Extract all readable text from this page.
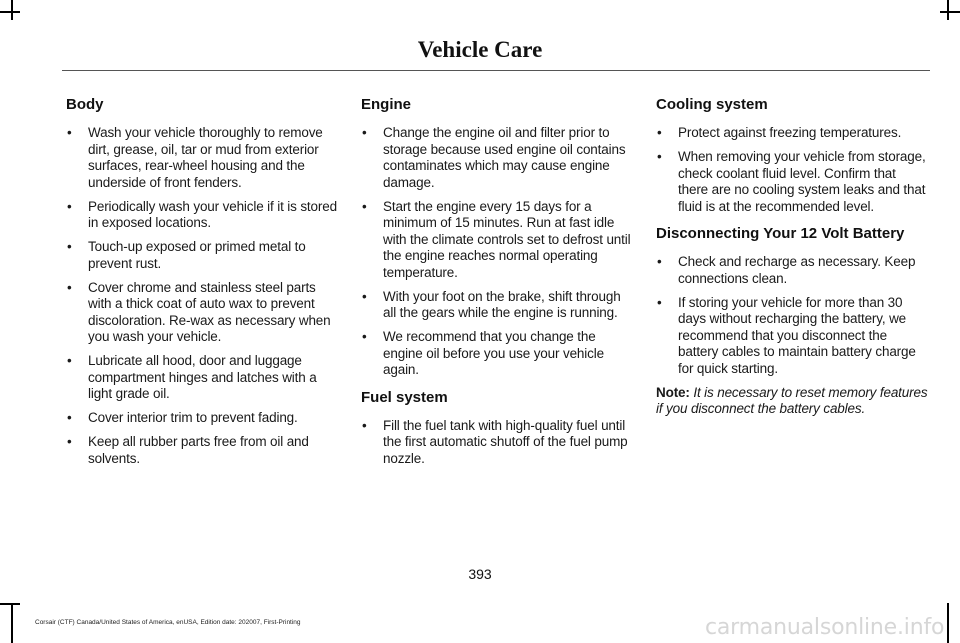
Vehicle Care
Body
• Wash your vehicle thoroughly to remove dirt, grease, oil, tar or mud from exterior surfaces, rear-wheel housing and the underside of front fenders.
• Periodically wash your vehicle if it is stored in exposed locations.
• Touch-up exposed or primed metal to prevent rust.
• Cover chrome and stainless steel parts with a thick coat of auto wax to prevent discoloration. Re-wax as necessary when you wash your vehicle.
• Lubricate all hood, door and luggage compartment hinges and latches with a light grade oil.
• Cover interior trim to prevent fading.
• Keep all rubber parts free from oil and solvents.
Engine
• Change the engine oil and filter prior to storage because used engine oil contains contaminates which may cause engine damage.
• Start the engine every 15 days for a minimum of 15 minutes. Run at fast idle with the climate controls set to defrost until the engine reaches normal operating temperature.
• With your foot on the brake, shift through all the gears while the engine is running.
• We recommend that you change the engine oil before you use your vehicle again.
Fuel system
• Fill the fuel tank with high-quality fuel until the first automatic shutoff of the fuel pump nozzle.
Cooling system
• Protect against freezing temperatures.
• When removing your vehicle from storage, check coolant fluid level. Confirm that there are no cooling system leaks and that fluid is at the recommended level.
Disconnecting Your 12 Volt Battery
• Check and recharge as necessary. Keep connections clean.
• If storing your vehicle for more than 30 days without recharging the battery, we recommend that you disconnect the battery cables to maintain battery charge for quick starting.

Note: It is necessary to reset memory features if you disconnect the battery cables.

393
Corsair (CTF) Canada/United States of America, enUSA, Edition date: 202007, First-Printing	carmanualsonline.info
